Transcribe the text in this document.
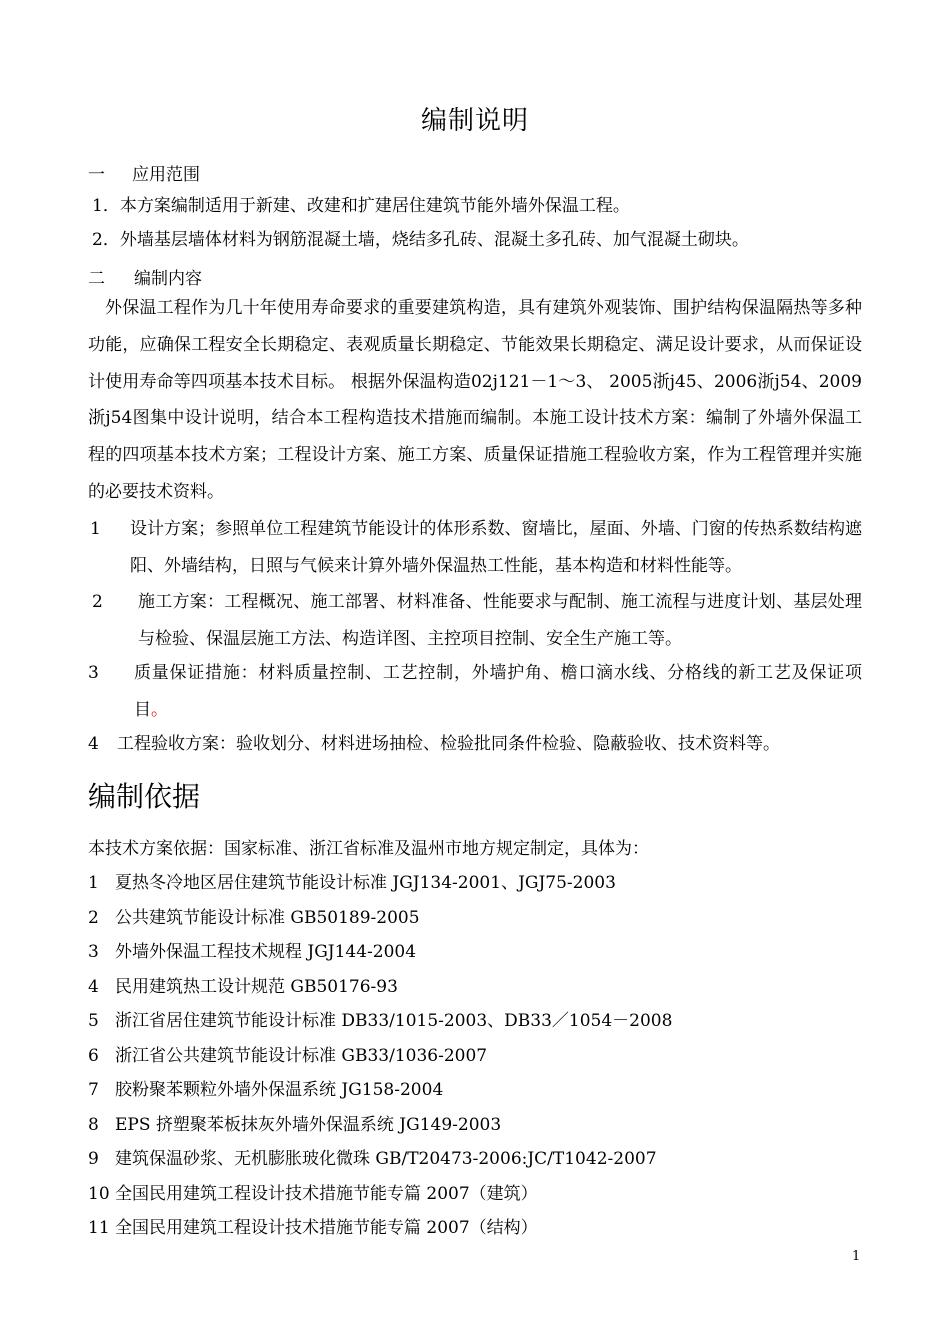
编制说明
一 应用范围
1．本方案编制适用于新建、改建和扩建居住建筑节能外墙外保温工程。
2．外墙基层墙体材料为钢筋混凝土墙，烧结多孔砖、混凝土多孔砖、加气混凝土砌块。
二 编制内容
外保温工程作为几十年使用寿命要求的重要建筑构造，具有建筑外观装饰、围护结构保温隔热等多种功能，应确保工程安全长期稳定、表观质量长期稳定、节能效果长期稳定、满足设计要求，从而保证设计使用寿命等四项基本技术目标。 根据外保温构造02j121－1～3、 2005浙j45、2006浙j54、2009浙j54图集中设计说明，结合本工程构造技术措施而编制。本施工设计技术方案：编制了外墙外保温工程的四项基本技术方案；工程设计方案、施工方案、质量保证措施工程验收方案，作为工程管理并实施的必要技术资料。
1 设计方案；参照单位工程建筑节能设计的体形系数、窗墙比，屋面、外墙、门窗的传热系数结构遮阳、外墙结构，日照与气候来计算外墙外保温热工性能，基本构造和材料性能等。
2 施工方案：工程概况、施工部署、材料准备、性能要求与配制、施工流程与进度计划、基层处理与检验、保温层施工方法、构造详图、主控项目控制、安全生产施工等。
3 质量保证措施：材料质量控制、工艺控制，外墙护角、檐口滴水线、分格线的新工艺及保证项目。
4 工程验收方案：验收划分、材料进场抽检、检验批同条件检验、隐蔽验收、技术资料等。
编制依据
本技术方案依据：国家标准、浙江省标准及温州市地方规定制定，具体为：
1 夏热冬冷地区居住建筑节能设计标准 JGJ134-2001、JGJ75-2003
2 公共建筑节能设计标准 GB50189-2005
3 外墙外保温工程技术规程 JGJ144-2004
4 民用建筑热工设计规范 GB50176-93
5 浙江省居住建筑节能设计标准 DB33/1015-2003、DB33／1054－2008
6 浙江省公共建筑节能设计标准 GB33/1036-2007
7 胶粉聚苯颗粒外墙外保温系统 JG158-2004
8 EPS 挤塑聚苯板抹灰外墙外保温系统 JG149-2003
9 建筑保温砂浆、无机膨胀玻化微珠 GB/T20473-2006:JC/T1042-2007
10 全国民用建筑工程设计技术措施节能专篇 2007（建筑）
11 全国民用建筑工程设计技术措施节能专篇 2007（结构）
1
